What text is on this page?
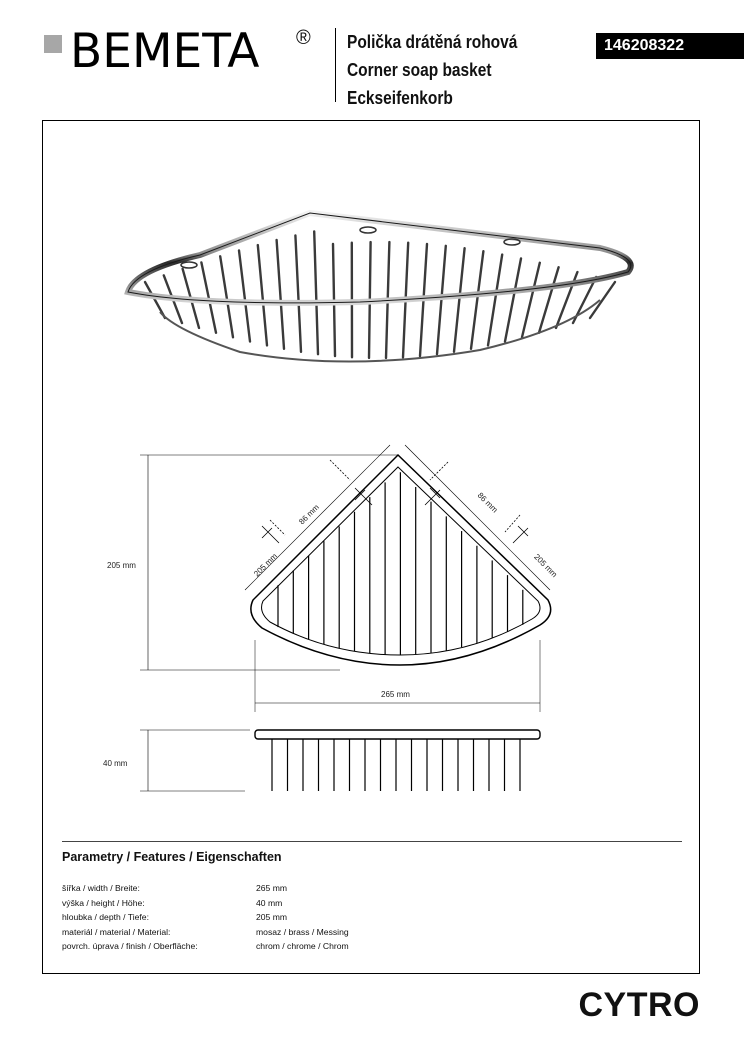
BEMETA ® Polička drátěná rohová
Corner soap basket
Eckseifenkorb
146208322
205 mm	205 mm
86 mm	86 mm
205 mm
265 mm
40 mm
Parametry / Features / Eigenschaften
šířka / width / Breite:	265 mm
výška / height / Höhe:	40 mm
hloubka / depth / Tiefe:	205 mm
materiál / material / Material:	mosaz / brass / Messing
povrch. úprava / finish / Oberfläche:	chrom / chrome / Chrom
CYTRO
